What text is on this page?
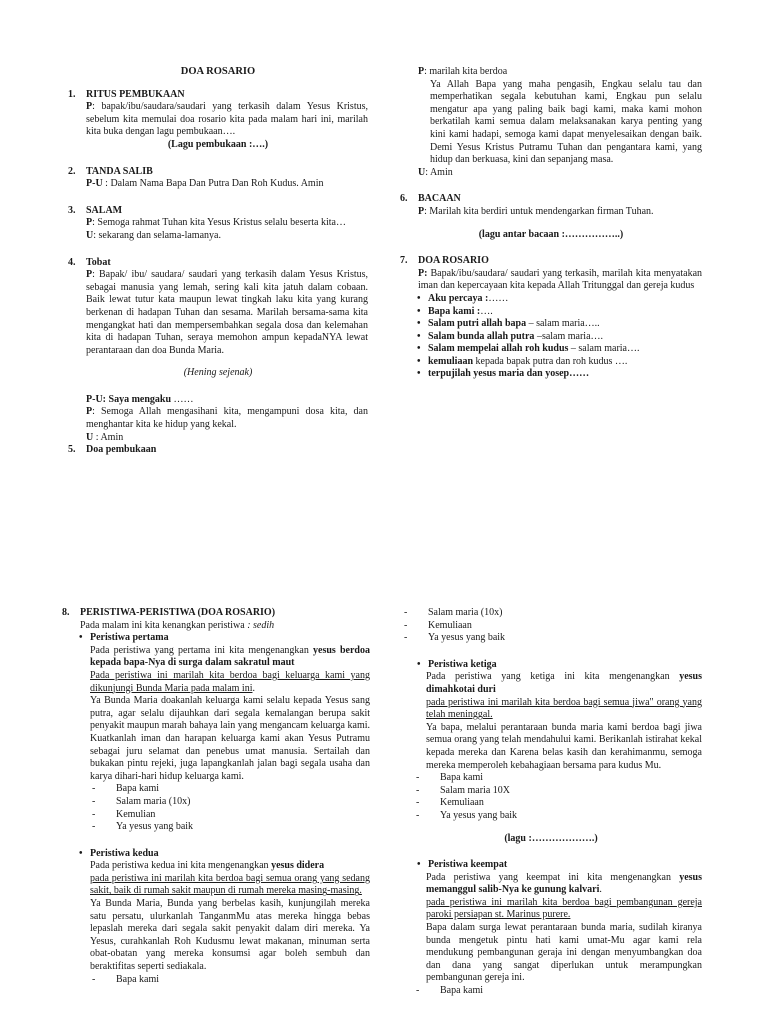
DOA ROSARIO

1.	RITUS PEMBUKAAN
P: bapak/ibu/saudara/saudari yang terkasih dalam Yesus Kristus, sebelum kita memulai doa rosario kita pada malam hari ini, marilah kita buka dengan lagu pembukaan….

(Lagu pembukaan :….)

2.	TANDA SALIB
P-U : Dalam Nama Bapa Dan Putra Dan Roh Kudus. Amin
3.	SALAM
P: Semoga rahmat Tuhan kita Yesus Kristus selalu beserta kita…
U: sekarang dan selama-lamanya.
4.	Tobat
P: Bapak/ ibu/ saudara/ saudari yang terkasih dalam Yesus Kristus, sebagai manusia yang lemah, sering kali kita jatuh dalam cobaan. Baik lewat tutur kata maupun lewat tingkah laku kita yang kurang berkenan di hadapan Tuhan dan sesama. Marilah bersama-sama kita mengangkat hati dan mempersembahkan segala dosa dan kelemahan kita di hadapan Tuhan, seraya memohon ampun kepadaNYA lewat perantaraan dan doa Bunda Maria.

(Hening sejenak)

P-U: Saya mengaku ……
P: Semoga Allah mengasihani kita, mengampuni dosa kita, dan menghantar kita ke hidup yang kekal.
U : Amin
5.	Doa pembukaan
P: marilah kita berdoa
Ya Allah Bapa yang maha pengasih, Engkau selalu tau dan memperhatikan segala kebutuhan kami, Engkau pun selalu mengatur apa yang paling baik bagi kami, maka kami mohon berkatilah kami semua dalam melaksanakan karya penting yang kini kami hadapi, semoga kami dapat menyelesaikan dengan baik. Demi Yesus Kristus Putramu Tuhan dan pengantara kami, yang hidup dan berkuasa, kini dan sepanjang masa.
U: Amin
6.	BACAAN
P: Marilah kita berdiri untuk mendengarkan firman Tuhan.

(lagu antar bacaan :……………..)

7.	DOA ROSARIO
P: Bapak/ibu/saudara/ saudari yang terkasih, marilah kita menyatakan iman dan kepercayaan kita kepada Allah Tritunggal dan gereja kudus
• Aku percaya :……
• Bapa kami :….
• Salam putri allah bapa – salam maria…..
• Salam bunda allah putra –salam maria….
• Salam mempelai allah roh kudus – salam maria….
• kemuliaan kepada bapak putra dan roh kudus ….
• terpujilah yesus maria dan yosep……
8.	PERISTIWA-PERISTIWA (DOA ROSARIO)
Pada malam ini kita kenangkan peristiwa : sedih
• Peristiwa pertama
Pada peristiwa yang pertama ini kita mengenangkan yesus berdoa kepada bapa-Nya di surga dalam sakratul maut
Pada peristiwa ini marilah kita berdoa bagi keluarga kami yang dikunjungi Bunda Maria pada malam ini.
Ya Bunda Maria doakanlah keluarga kami selalu kepada Yesus sang putra, agar selalu dijauhkan dari segala kemalangan berupa sakit penyakit maupun marah bahaya lain yang mengancam keluarga kami. Kuatkanlah iman dan harapan keluarga kami akan Yesus Putramu sebagai juru selamat dan penebus umat manusia. Sertailah dan bukakan pintu rejeki, juga lapangkanlah jalan bagi segala usaha dan karya dihari-hari hidup keluarga kami.
- Bapa kami
- Salam maria (10x)
- Kemulian
- Ya yesus yang baik
• Peristiwa kedua
Pada peristiwa kedua ini kita mengenangkan yesus didera
pada peristiwa ini marilah kita berdoa bagi semua orang yang sedang sakit, baik di rumah sakit maupun di rumah mereka masing-masing.
Ya Bunda Maria, Bunda yang berbelas kasih, kunjungilah mereka satu persatu, ulurkanlah TanganmMu atas mereka hingga bebas lepaslah mereka dari segala sakit penyakit dalam diri mereka. Ya Yesus, curahkanlah Roh Kudusmu lewat makanan, minuman serta obat-obatan yang mereka konsumsi agar boleh sembuh dan beraktifitas seperti sediakala.
- Bapa kami
- Salam maria (10x)
- Kemuliaan
- Ya yesus yang baik
• Peristiwa ketiga
Pada peristiwa yang ketiga ini kita mengenangkan yesus dimahkotai duri
pada peristiwa ini marilah kita berdoa bagi semua jiwa" orang yang telah meninggal.
Ya bapa, melalui perantaraan bunda maria kami berdoa bagi jiwa semua orang yang telah mendahului kami. Berikanlah istirahat kekal kepada mereka dan Karena belas kasih dan kerahimanmu, semoga mereka memperoleh kebahagiaan bersama para kudus Mu.
- Bapa kami
- Salam maria 10X
- Kemuliaan
- Ya yesus yang baik

(lagu :……………….)

• Peristiwa keempat
Pada peristiwa yang keempat ini kita mengenangkan yesus memanggul salib-Nya ke gunung kalvari.
pada peristiwa ini marilah kita berdoa bagi pembangunan gereja paroki persiapan st. Marinus purere.
Bapa dalam surga lewat perantaraan bunda maria, sudilah kiranya bunda mengetuk pintu hati kami umat-Mu agar kami rela mendukung pembangunan geraja ini dengan menyumbangkan doa dan dana yang sangat diperlukan untuk merampungkan pembangunan gereja ini.
- Bapa kami
